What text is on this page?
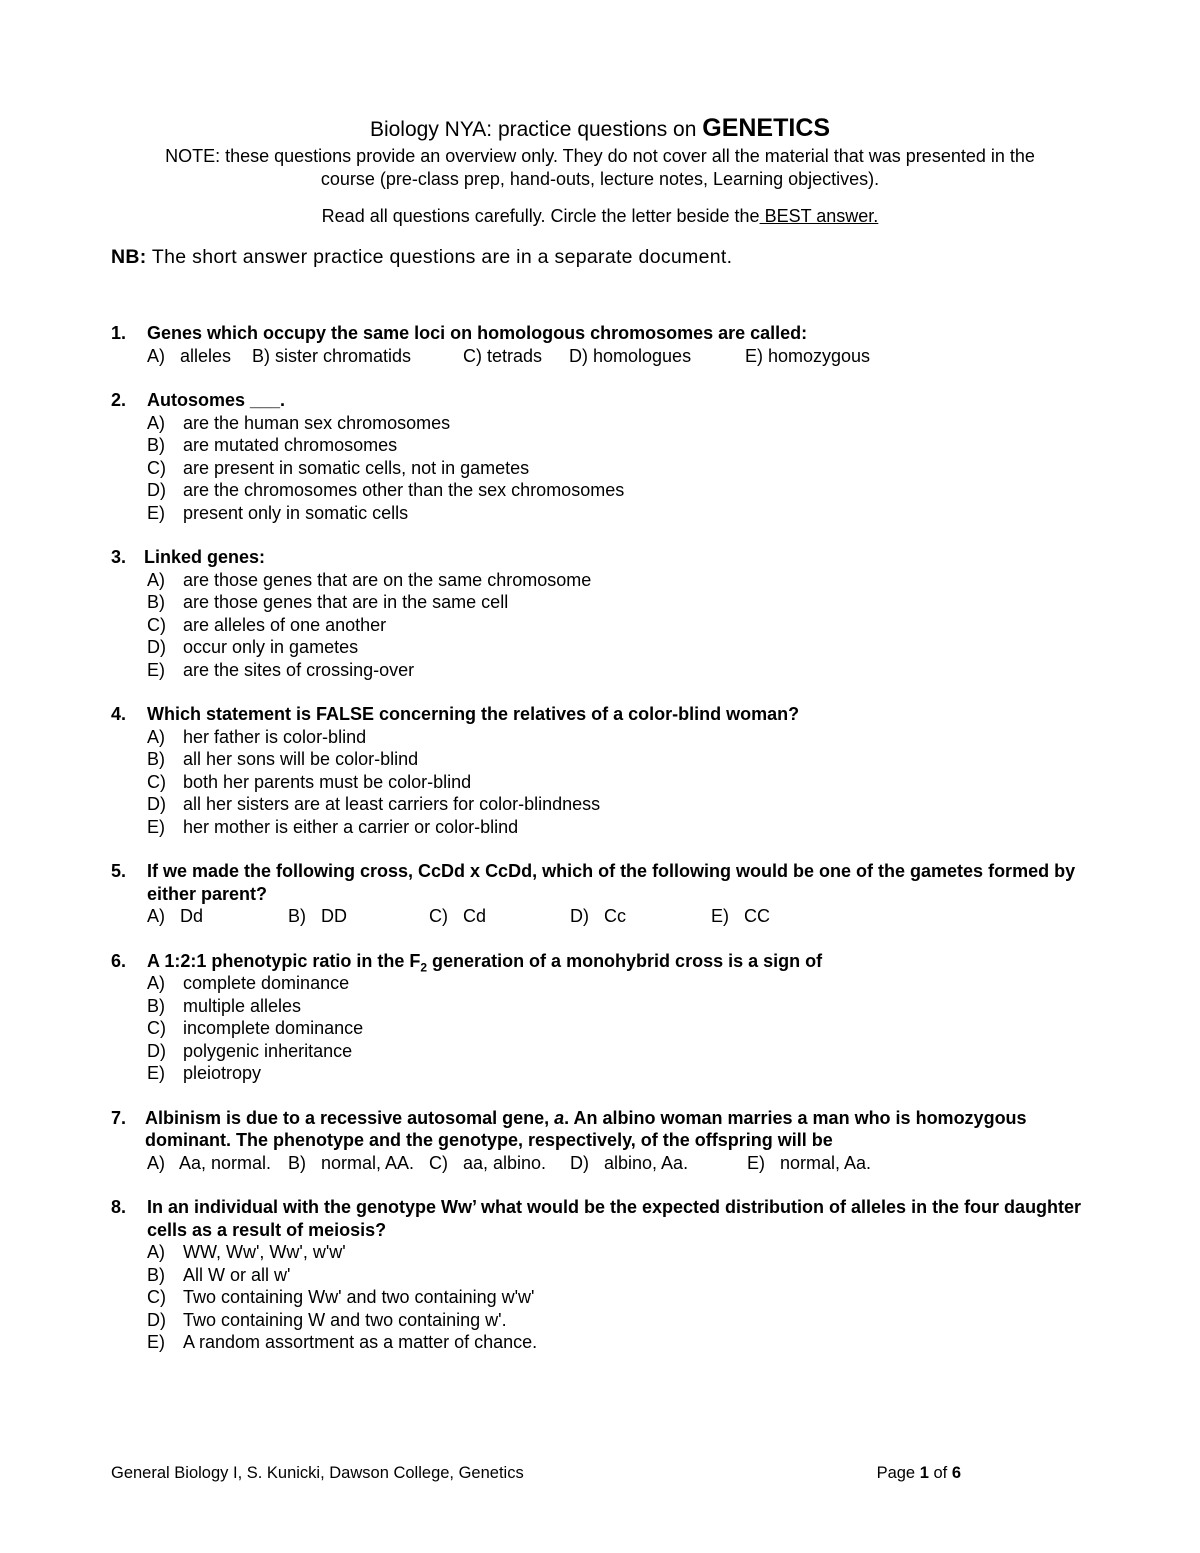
Biology NYA: practice questions on GENETICS

NOTE: these questions provide an overview only. They do not cover all the material that was presented in the

course (pre-class prep, hand-outs, lecture notes, Learning objectives).

Read all questions carefully. Circle the letter beside the BEST answer.

NB: The short answer practice questions are in a separate document.
1. Genes which occupy the same loci on homologous chromosomes are called:
A)   alleles	B) sister chromatids	C) tetrads	D) homologues	E) homozygous
2. Autosomes ___.
A)	are the human sex chromosomes
B)	are mutated chromosomes
C) are present in somatic cells, not in gametes
D) are the chromosomes other than the sex chromosomes
E)	present only in somatic cells
3. Linked genes:
A)	are those genes that are on the same chromosome
B)	are those genes that are in the same cell
C) are alleles of one another
D) occur only in gametes
E)	are the sites of crossing-over
4. Which statement is FALSE concerning the relatives of a color-blind woman?
A)	her father is color-blind
B)	all her sons will be color-blind
C) both her parents must be color-blind
D) all her sisters are at least carriers for color-blindness
E)	her mother is either a carrier or color-blind
5. If we made the following cross, CcDd x CcDd, which of the following would be one of the gametes formed by either parent?
A)   Dd	B)   DD	C)   Cd	D)   Cc	E)   CC
6. A 1:2:1 phenotypic ratio in the $F_2$ generation of a monohybrid cross is a sign of
A)	complete dominance
B)	multiple alleles
C) incomplete dominance
D) polygenic inheritance
E)	pleiotropy
7. Albinism is due to a recessive autosomal gene, a. An albino woman marries a man who is homozygous dominant. The phenotype and the genotype, respectively, of the offspring will be
A)   Aa, normal. B)   normal, AA. C)   aa, albino.	D)   albino, Aa.	E)   normal, Aa.
8. In an individual with the genotype Ww’ what would be the expected distribution of alleles in the four daughter cells as a result of meiosis?
A)	WW, Ww', Ww', w'w'
B)	All W or all w'
C) Two containing Ww' and two containing w'w'
D) Two containing W and two containing w'.
E)	A random assortment as a matter of chance.
General Biology I, S. Kunicki, Dawson College, Genetics	Page 1 of 6
